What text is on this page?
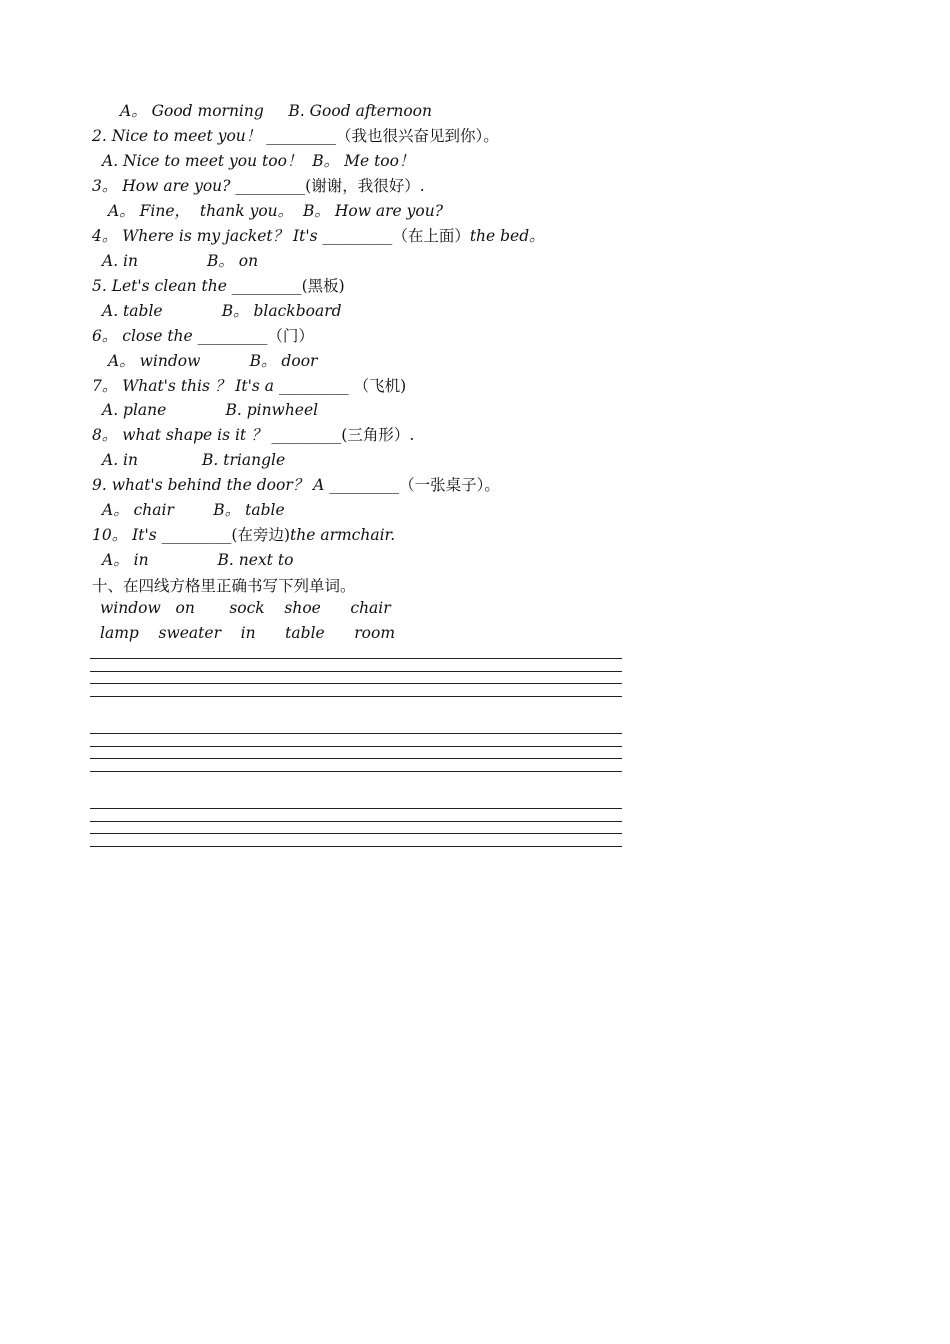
A。 Good morning     B. Good afternoon
2. Nice to meet you！ _________（我也很兴奋见到你）。
A. Nice to meet you too！  B。 Me too！
3。 How are you? _________(谢谢，我很好）.
A。 Fine，  thank you。  B。 How are you?
4。 Where is my jacket？ It's _________（在上面）the bed。
A. in              B。 on
5. Let's clean the _________(黑板)
A. table            B。 blackboard
6。 close the _________（门）
A。 window          B。 door
7。 What's this ？ It's a _________ （飞机)
A. plane            B. pinwheel
8。 what shape is it ？ _________(三角形）.
A. in             B. triangle
9. what's behind the door？ A _________（一张桌子）。
A。 chair        B。 table
10。 It's _________(在旁边)the armchair.
A。 in              B. next to
十、在四线方格里正确书写下列单词。
window   on       sock    shoe      chair
lamp    sweater    in      table      room
